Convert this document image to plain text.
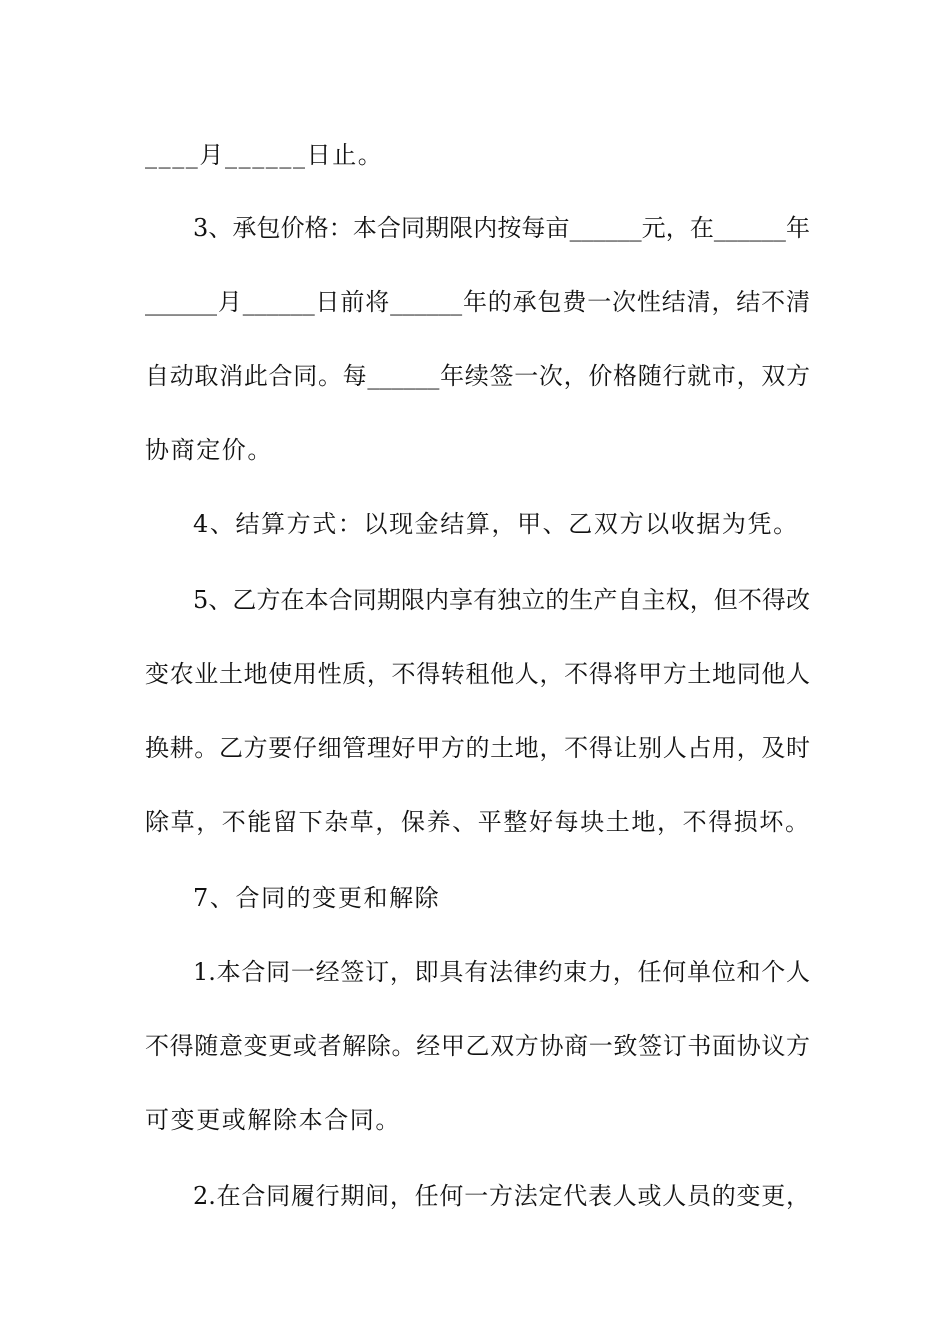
____月______日止。
3、承包价格：本合同期限内按每亩______元，在______年
______月______日前将______年的承包费一次性结清，结不清
自动取消此合同。每______年续签一次，价格随行就市，双方
协商定价。
4、结算方式：以现金结算，甲、乙双方以收据为凭。
5、乙方在本合同期限内享有独立的生产自主权，但不得改
变农业土地使用性质，不得转租他人，不得将甲方土地同他人
换耕。乙方要仔细管理好甲方的土地，不得让别人占用，及时
除草，不能留下杂草，保养、平整好每块土地，不得损坏。
7、合同的变更和解除
1.本合同一经签订，即具有法律约束力，任何单位和个人
不得随意变更或者解除。经甲乙双方协商一致签订书面协议方
可变更或解除本合同。
2.在合同履行期间，任何一方法定代表人或人员的变更，
